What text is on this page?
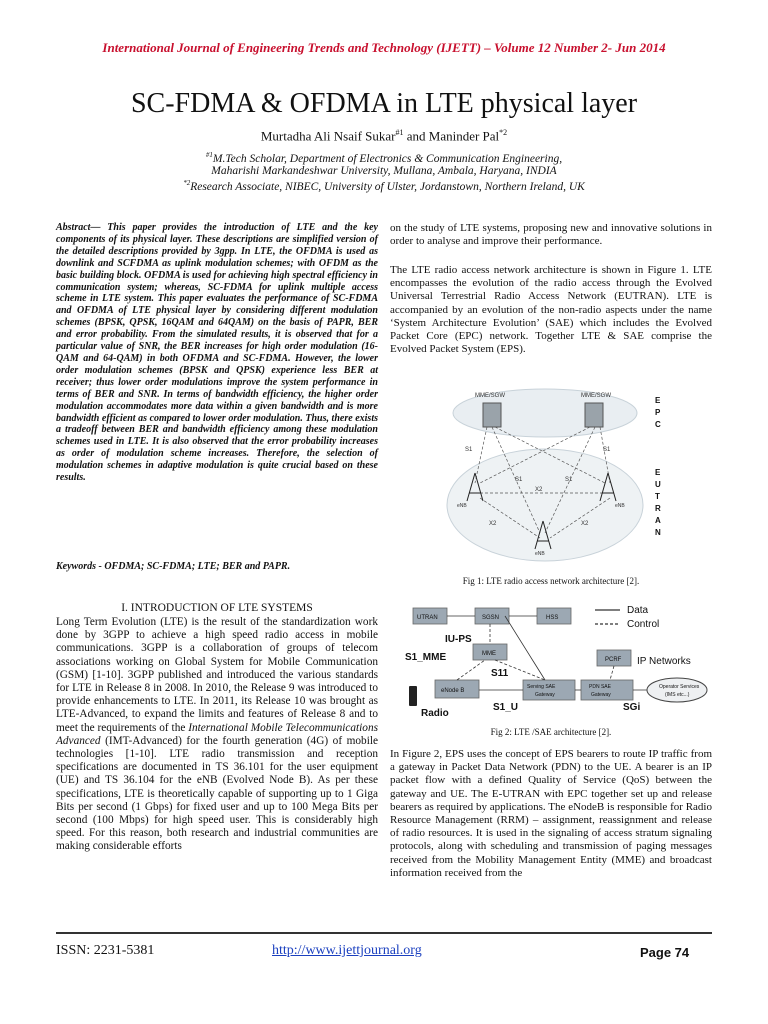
International Journal of Engineering Trends and Technology (IJETT) – Volume 12 Number 2- Jun 2014
SC-FDMA & OFDMA in LTE physical layer
Murtadha Ali Nsaif Sukar$^{\#1}$ and Maninder Pal$^{*2}$
$^{\#1}$M.Tech Scholar, Department of Electronics & Communication Engineering,
Maharishi Markandeshwar University, Mullana, Ambala, Haryana, INDIA
$^{*2}$Research Associate, NIBEC, University of Ulster, Jordanstown, Northern Ireland, UK
Abstract— This paper provides the introduction of LTE and the key components of its physical layer. These descriptions are simplified version of the detailed descriptions provided by 3gpp. In LTE, the OFDMA is used as downlink and SCFDMA as uplink modulation schemes; with OFDM as the basic building block. OFDMA is used for achieving high spectral efficiency in communication system; whereas, SC-FDMA for uplink multiple access scheme in LTE system. This paper evaluates the performance of SC-FDMA and OFDMA of LTE physical layer by considering different modulation schemes (BPSK, QPSK, 16QAM and 64QAM) on the basis of PAPR, BER and error probability. From the simulated results, it is observed that for a particular value of SNR, the BER increases for high order modulation (16-QAM and 64-QAM) in both OFDMA and SC-FDMA. However, the lower order modulation schemes (BPSK and QPSK) experience less BER at receiver; thus lower order modulations improve the system performance in terms of BER and SNR. In terms of bandwidth efficiency, the higher order modulation accommodates more data within a given bandwidth and is more bandwidth efficient as compared to lower order modulation. Thus, there exists a tradeoff between BER and bandwidth efficiency among these modulation schemes used in LTE. It is also observed that the error probability increases as order of modulation scheme increases. Therefore, the selection of modulation schemes in adaptive modulation is quite crucial based on these results.
Keywords - OFDMA; SC-FDMA; LTE; BER and PAPR.
I. INTRODUCTION OF LTE SYSTEMS
Long Term Evolution (LTE) is the result of the standardization work done by 3GPP to achieve a high speed radio access in mobile communications. 3GPP is a collaboration of groups of telecom associations working on Global System for Mobile Communication (GSM) [1-10]. 3GPP published and introduced the various standards for LTE in Release 8 in 2008. In 2010, the Release 9 was introduced to provide enhancements to LTE. In 2011, its Release 10 was brought as LTE-Advanced, to expand the limits and features of Release 8 and to meet the requirements of the International Mobile Telecommunications Advanced (IMT-Advanced) for the fourth generation (4G) of mobile technologies [1-10]. LTE radio transmission and reception specifications are documented in TS 36.101 for the user equipment (UE) and TS 36.104 for the eNB (Evolved Node B). As per these specifications, LTE is theoretically capable of supporting up to 1 Giga Bits per second (1 Gbps) for fixed user and up to 100 Mega Bits per second (100 Mbps) for high speed user. This is considerably high speed. For this reason, both research and industrial communities are making considerable efforts
on the study of LTE systems, proposing new and innovative solutions in order to analyse and improve their performance.
The LTE radio access network architecture is shown in Figure 1. LTE encompasses the evolution of the radio access through the Evolved Universal Terrestrial Radio Access Network (EUTRAN). LTE is accompanied by an evolution of the non-radio aspects under the name ‘System Architecture Evolution’ (SAE) which includes the Evolved Packet Core (EPC) network. Together LTE & SAE comprise the Evolved Packet System (EPS).
MME/SGW	MME/SGW
S1
S1	S1
S1
X2
X2	X2
eNB	eNB
eNB
E
P
C
E
U
T
R
A
N
Fig 1: LTE radio access network architecture [2].
UTRAN	SGSN	HSS
MME
PCRF
eNode B
Serving SAE
Gateway
PDN SAE
Gateway
Operator Services
(IMS etc...)
Data
Control
IU-PS
S1_MME	IP Networks
S11
Radio
S1_U	SGi
Fig 2: LTE /SAE architecture [2].
In Figure 2, EPS uses the concept of EPS bearers to route IP traffic from a gateway in Packet Data Network (PDN) to the UE. A bearer is an IP packet flow with a defined Quality of Service (QoS) between the gateway and UE. The E-UTRAN with EPC together set up and release bearers as required by applications. The eNodeB is responsible for Radio Resource Management (RRM) – assignment, reassignment and release of radio resources. It is used in the signaling of access stratum signaling protocols, along with scheduling and transmission of paging messages received from the Mobility Management Entity (MME) and broadcast information received from the
ISSN: 2231-5381	http://www.ijettjournal.org	Page 74
